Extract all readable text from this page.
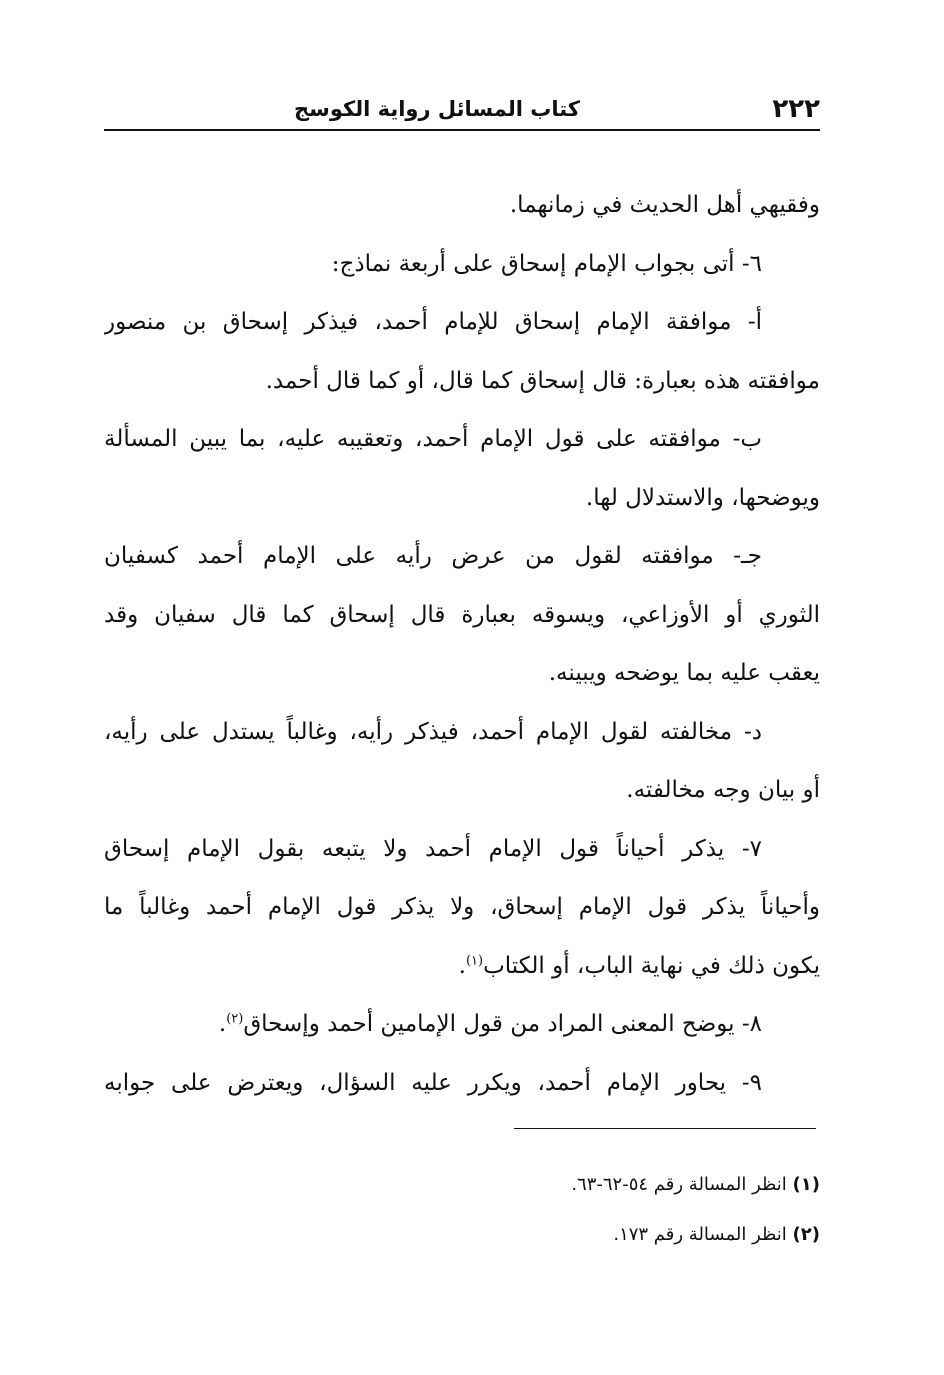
٢٢٢
كتاب المسائل رواية الكوسج
وفقيهي أهل الحديث في زمانهما.
٦- أتى بجواب الإمام إسحاق على أربعة نماذج:
أ- موافقة الإمام إسحاق للإمام أحمد، فيذكر إسحاق بن منصور
موافقته هذه بعبارة: قال إسحاق كما قال، أو كما قال أحمد.
ب- موافقته على قول الإمام أحمد، وتعقيبه عليه، بما يبين المسألة
ويوضحها، والاستدلال لها.
جـ- موافقته لقول من عرض رأيه على الإمام أحمد كسفيان
الثوري أو الأوزاعي، ويسوقه بعبارة قال إسحاق كما قال سفيان وقد
يعقب عليه بما يوضحه ويبينه.
د- مخالفته لقول الإمام أحمد، فيذكر رأيه، وغالباً يستدل على رأيه،
أو بيان وجه مخالفته.
٧- يذكر أحياناً قول الإمام أحمد ولا يتبعه بقول الإمام إسحاق
وأحياناً يذكر قول الإمام إسحاق، ولا يذكر قول الإمام أحمد وغالباً ما
يكون ذلك في نهاية الباب، أو الكتاب$^{(١)}$.
٨- يوضح المعنى المراد من قول الإمامين أحمد وإسحاق$^{(٢)}$.
٩- يحاور الإمام أحمد، ويكرر عليه السؤال، ويعترض على جوابه
(١) انظر المسالة رقم ٥٤-٦٢-٦٣.
(٢) انظر المسالة رقم ١٧٣.
